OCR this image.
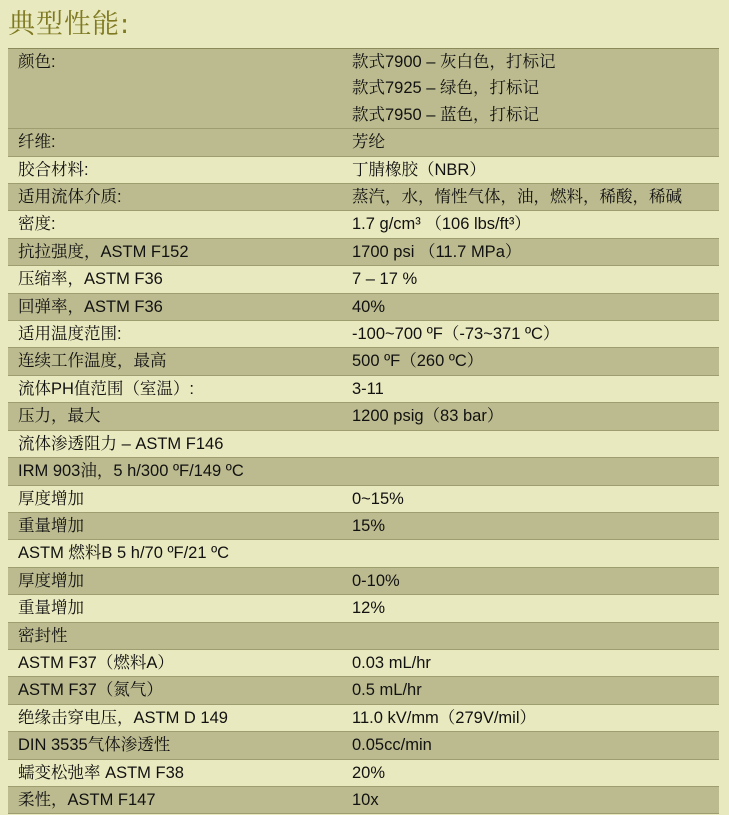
典型性能:
颜色:	款式7900 – 灰白色，打标记
款式7925 – 绿色，打标记
款式7950 – 蓝色，打标记
纤维:	芳纶
胶合材料:	丁腈橡胶（NBR）
适用流体介质:	蒸汽，水，惰性气体，油，燃料，稀酸，稀碱
密度:	1.7 g/cm³ （106 lbs/ft³）
抗拉强度，ASTM F152	1700 psi （11.7 MPa）
压缩率，ASTM F36	7 – 17 %
回弹率，ASTM F36	40%
适用温度范围:	-100~700 ºF（-73~371 ºC）
连续工作温度，最高	500 ºF（260 ºC）
流体PH值范围（室温）:	3-11
压力，最大	1200 psig（83 bar）
流体渗透阻力 – ASTM F146

IRM 903油，5 h/300 ºF/149 ºC

厚度增加	0~15%
重量增加	15%
ASTM 燃料B 5 h/70 ºF/21 ºC

厚度增加	0-10%
重量增加	12%
密封性

ASTM F37（燃料A）	0.03 mL/hr
ASTM F37（氮气）	0.5 mL/hr
绝缘击穿电压，ASTM D 149	11.0 kV/mm（279V/mil）
DIN 3535气体渗透性	0.05cc/min
蠕变松弛率 ASTM F38	20%
柔性，ASTM F147	10x
